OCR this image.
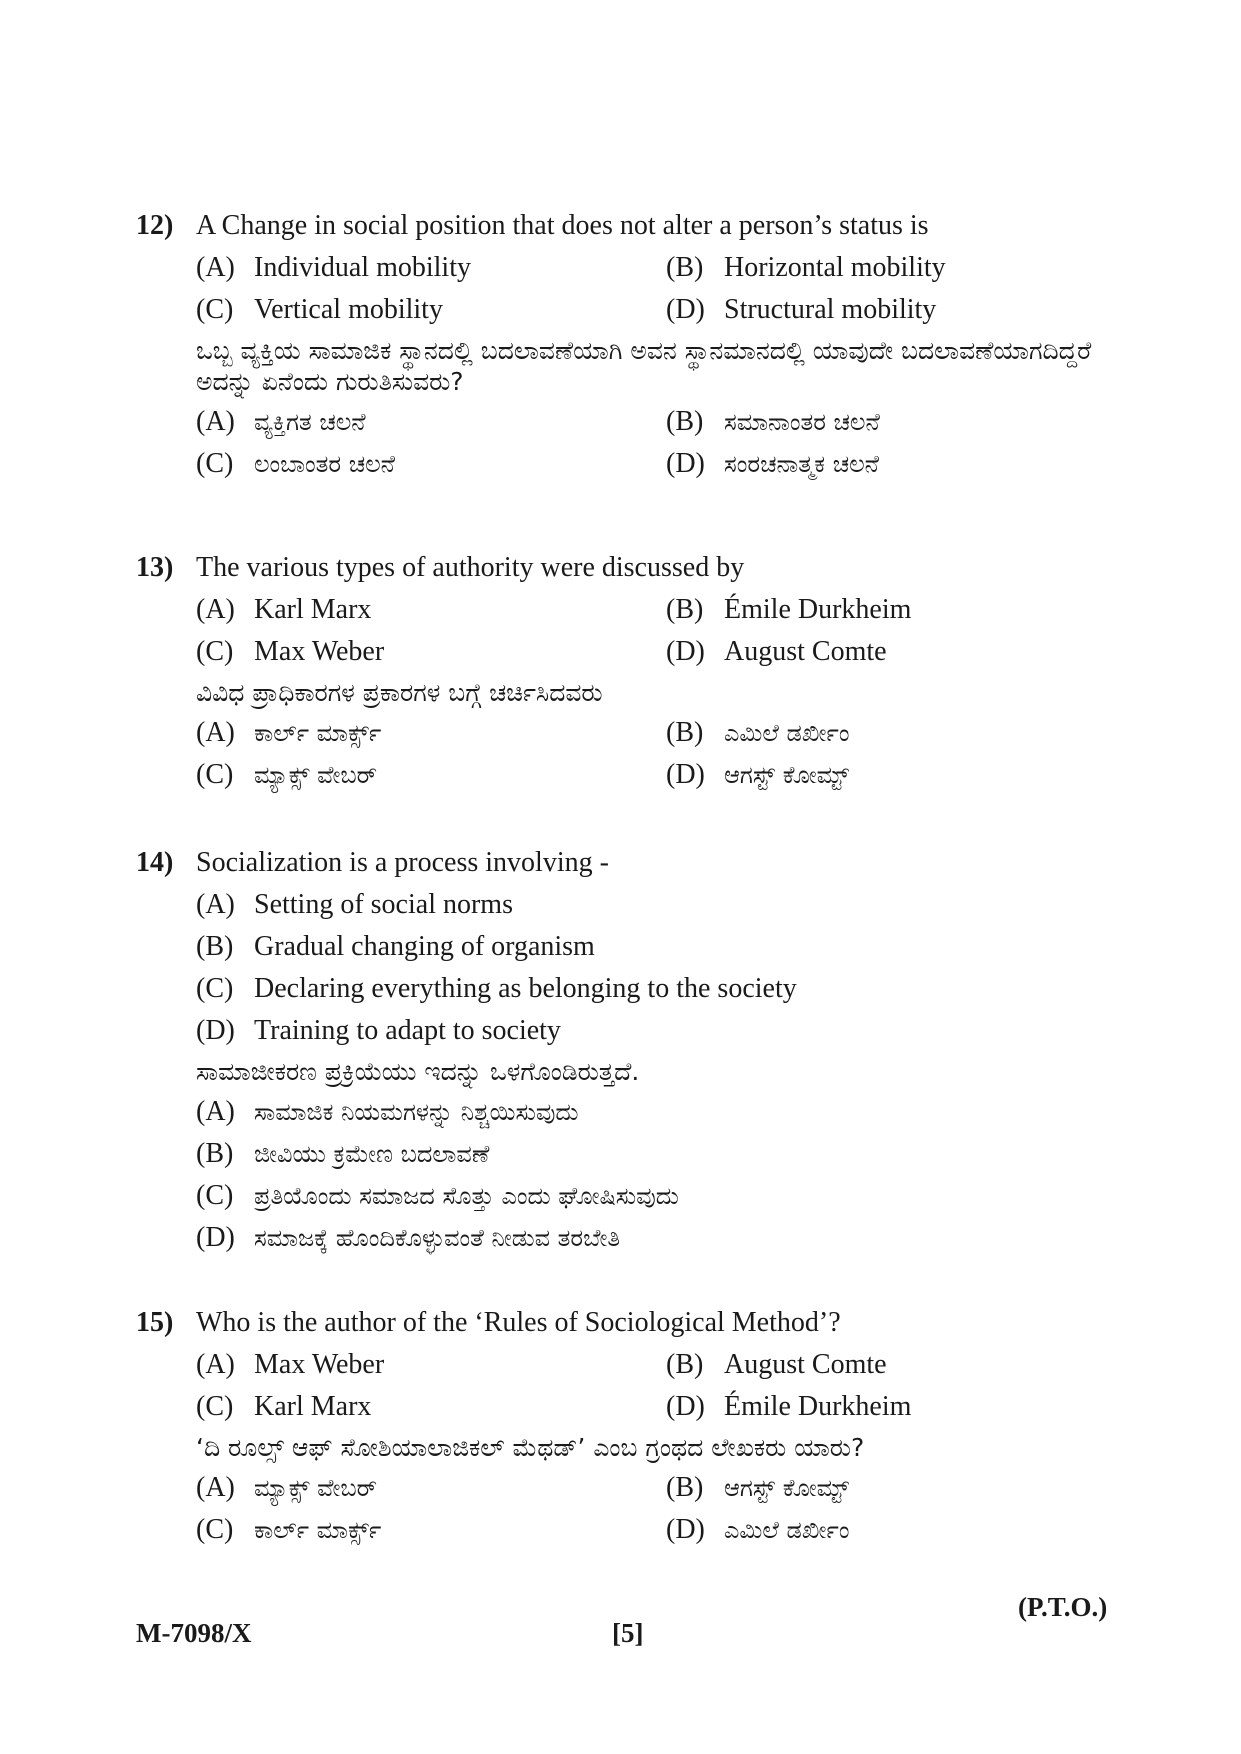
12) A Change in social position that does not alter a person’s status is
(A) Individual mobility	(B) Horizontal mobility
(C) Vertical mobility	(D) Structural mobility
ಒಬ್ಬ ವ್ಯಕ್ತಿಯ ಸಾಮಾಜಿಕ ಸ್ಥಾನದಲ್ಲಿ ಬದಲಾವಣೆಯಾಗಿ ಅವನ ಸ್ಥಾನಮಾನದಲ್ಲಿ ಯಾವುದೇ ಬದಲಾವಣೆಯಾಗದಿದ್ದರೆ ಅದನ್ನು ಏನೆಂದು ಗುರುತಿಸುವರು?
(A) ವ್ಯಕ್ತಿಗತ ಚಲನೆ	(B) ಸಮಾನಾಂತರ ಚಲನೆ
(C) ಲಂಬಾಂತರ ಚಲನೆ	(D) ಸಂರಚನಾತ್ಮಕ ಚಲನೆ
13) The various types of authority were discussed by
(A) Karl Marx	(B) Émile Durkheim
(C) Max Weber	(D) August Comte
ವಿವಿಧ ಪ್ರಾಧಿಕಾರಗಳ ಪ್ರಕಾರಗಳ ಬಗ್ಗೆ ಚರ್ಚಿಸಿದವರು
(A) ಕಾರ್ಲ್ ಮಾರ್ಕ್ಸ್	(B) ಎಮಿಲೆ ಡರ್ಖೀಂ
(C) ಮ್ಯಾಕ್ಸ್ ವೇಬರ್	(D) ಆಗಸ್ಟ್ ಕೋಮ್ಟ್
14) Socialization is a process involving -
(A) Setting of social norms
(B) Gradual changing of organism
(C) Declaring everything as belonging to the society
(D) Training to adapt to society
ಸಾಮಾಜೀಕರಣ ಪ್ರಕ್ರಿಯೆಯು ಇದನ್ನು ಒಳಗೊಂಡಿರುತ್ತದೆ.
(A) ಸಾಮಾಜಿಕ ನಿಯಮಗಳನ್ನು ನಿಶ್ಚಯಿಸುವುದು
(B) ಜೀವಿಯು ಕ್ರಮೇಣ ಬದಲಾವಣೆ
(C) ಪ್ರತಿಯೊಂದು ಸಮಾಜದ ಸೊತ್ತು ಎಂದು ಘೋಷಿಸುವುದು
(D) ಸಮಾಜಕ್ಕೆ ಹೊಂದಿಕೊಳ್ಳುವಂತೆ ನೀಡುವ ತರಬೇತಿ
15) Who is the author of the ‘Rules of Sociological Method’?
(A) Max Weber	(B) August Comte
(C) Karl Marx	(D) Émile Durkheim
‘ದಿ ರೂಲ್ಸ್ ಆಫ್ ಸೋಶಿಯಾಲಾಜಿಕಲ್ ಮೆಥಡ್’ ಎಂಬ ಗ್ರಂಥದ ಲೇಖಕರು ಯಾರು?
(A) ಮ್ಯಾಕ್ಸ್ ವೇಬರ್	(B) ಆಗಸ್ಟ್ ಕೋಮ್ಟ್
(C) ಕಾರ್ಲ್ ಮಾರ್ಕ್ಸ್	(D) ಎಮಿಲೆ ಡರ್ಖೀಂ
(P.T.O.)
M-7098/X	[5]
